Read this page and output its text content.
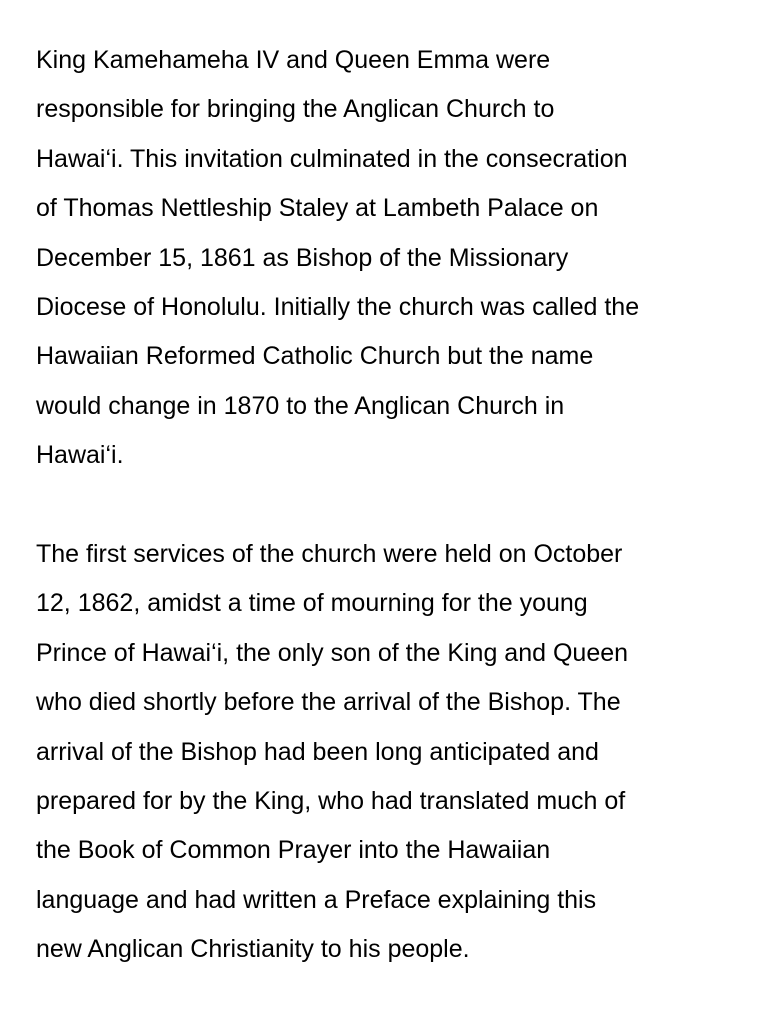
King Kamehameha IV and Queen Emma were
responsible for bringing the Anglican Church to
Hawai‘i. This invitation culminated in the consecration
of Thomas Nettleship Staley at Lambeth Palace on
December 15, 1861 as Bishop of the Missionary
Diocese of Honolulu. Initially the church was called the
Hawaiian Reformed Catholic Church but the name
would change in 1870 to the Anglican Church in
Hawai‘i.

The first services of the church were held on October
12, 1862, amidst a time of mourning for the young
Prince of Hawai‘i, the only son of the King and Queen
who died shortly before the arrival of the Bishop. The
arrival of the Bishop had been long anticipated and
prepared for by the King, who had translated much of
the Book of Common Prayer into the Hawaiian
language and had written a Preface explaining this
new Anglican Christianity to his people.
